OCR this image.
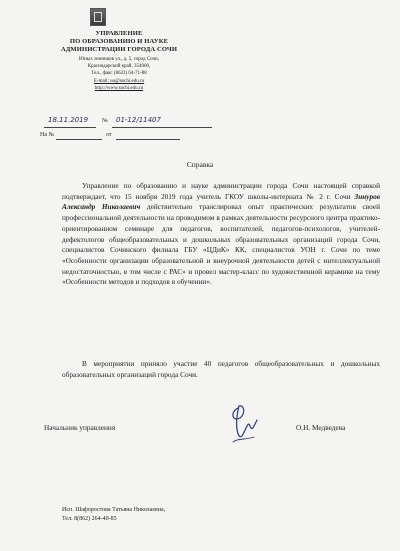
УПРАВЛЕНИЕ
ПО ОБРАЗОВАНИЮ И НАУКЕ
АДМИНИСТРАЦИИ ГОРОДА СОЧИ
Юных ленинцев ул., д. 5, город Сочи,
Краснодарский край, 354000,
Тел., факс (8622) 64-71-88
E-mail: uo@sochi.edu.ru
http://www.sochi.edu.ru
18.11.2019 № 01-12/11407
На №	от
Справка

Управление по образованию и науке администрации города Сочи настоящей справкой подтверждает, что 15 ноября 2019 года учитель ГКОУ школы-интерната № 2 г. Сочи Зинуров Александр Николаевич действительно транслировал опыт практических результатов своей профессиональной деятельности на проводимом в рамках деятельности ресурсного центра практико-ориентированном семинаре для педагогов, воспитателей, педагогов-психологов, учителей-дефектологов общеобразовательных и дошкольных образовательных организаций города Сочи, специалистов Сочинского филиала ГБУ «ЦДиК» КК, специалистов УОН г. Сочи по теме «Особенности организации образовательной и внеурочной деятельности детей с интеллектуальной недостаточностью, в том числе с РАС» и провел мастер-класс по художественной керамике на тему «Особенности методов и подходов в обучении».

В мероприятии приняло участие 40 педагогов общеобразовательных и дошкольных образовательных организаций города Сочи.

Начальник управления	О.Н. Медведева
Исп. Шафоростова Татьяна Николаевна,
Тел. 8(862) 264-40-85
